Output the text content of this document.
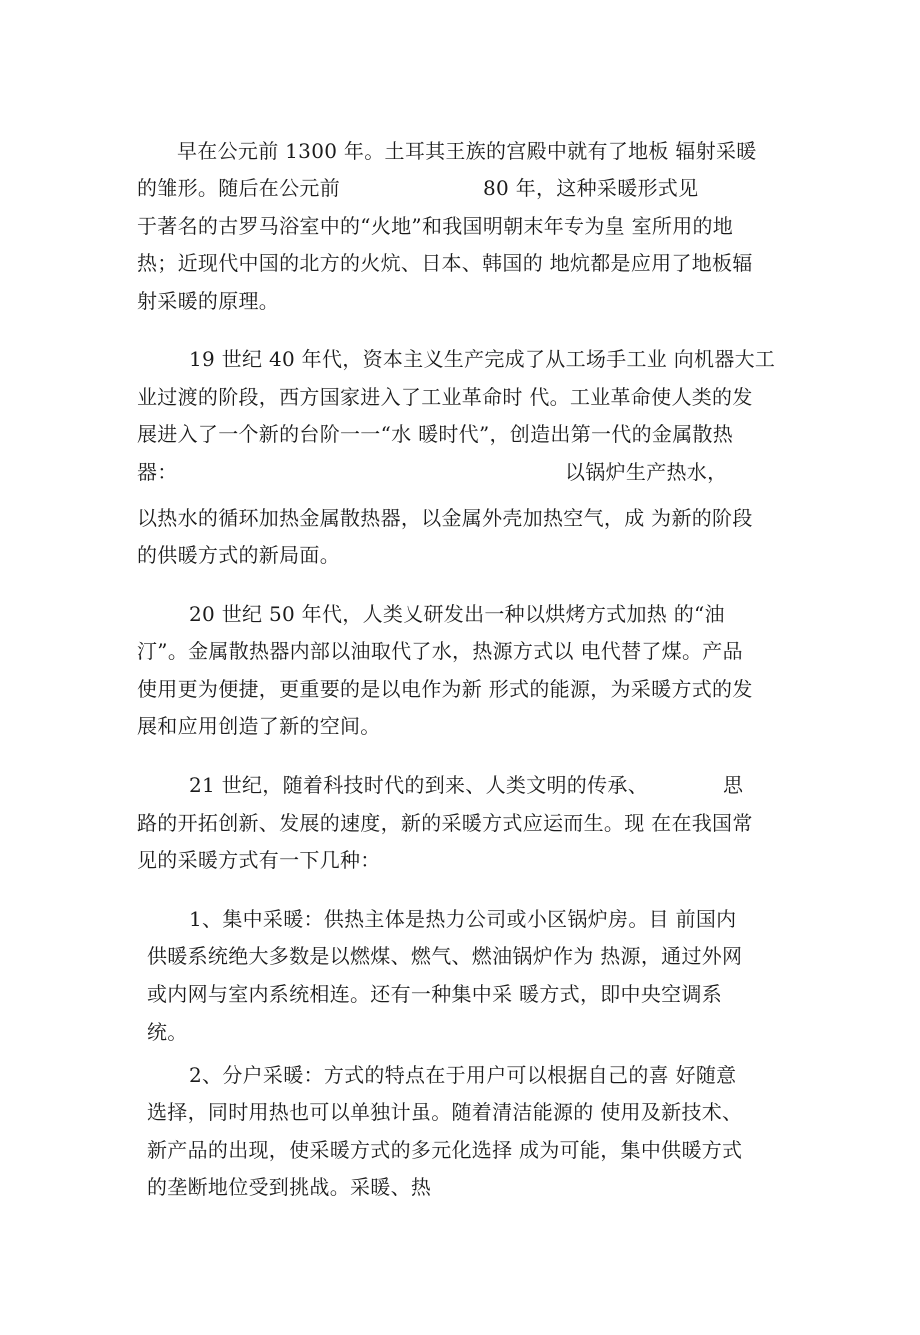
早在公元前 1300 年。土耳其王族的宫殿中就有了地板 辐射采暖
的雏形。随后在公元前	80 年，这种采暖形式见
于著名的古罗马浴室中的“火地”和我国明朝末年专为皇 室所用的地
热；近现代中国的北方的火炕、日本、韩国的 地炕都是应用了地板辐
射采暖的原理。
19 世纪 40 年代，资本主义生产完成了从工场手工业 向机器大工
业过渡的阶段，西方国家进入了工业革命时 代。工业革命使人类的发
展进入了一个新的台阶一一“水 暖时代”，创造出第一代的金属散热
器：	以锅炉生产热水，
以热水的循环加热金属散热器，以金属外壳加热空气，成 为新的阶段
的供暖方式的新局面。
20 世纪 50 年代，人类乂研发出一种以烘烤方式加热 的“油
汀”。金属散热器内部以油取代了水，热源方式以 电代替了煤。产品
使用更为便捷，更重要的是以电作为新 形式的能源，为采暖方式的发
展和应用创造了新的空间。
21 世纪，随着科技时代的到来、人类文明的传承、	思
路的开拓创新、发展的速度，新的采暖方式应运而生。现 在在我国常
见的采暖方式有一下几种：
1、集中采暖：供热主体是热力公司或小区锅炉房。目 前国内
供暖系统绝大多数是以燃煤、燃气、燃油锅炉作为 热源，通过外网
或内网与室内系统相连。还有一种集中采 暖方式，即中央空调系
统。
2、分户采暖：方式的特点在于用户可以根据自己的喜 好随意
选择，同时用热也可以单独计虽。随着清洁能源的 使用及新技术、
新产品的出现，使采暖方式的多元化选择 成为可能，集中供暖方式
的垄断地位受到挑战。采暖、热
